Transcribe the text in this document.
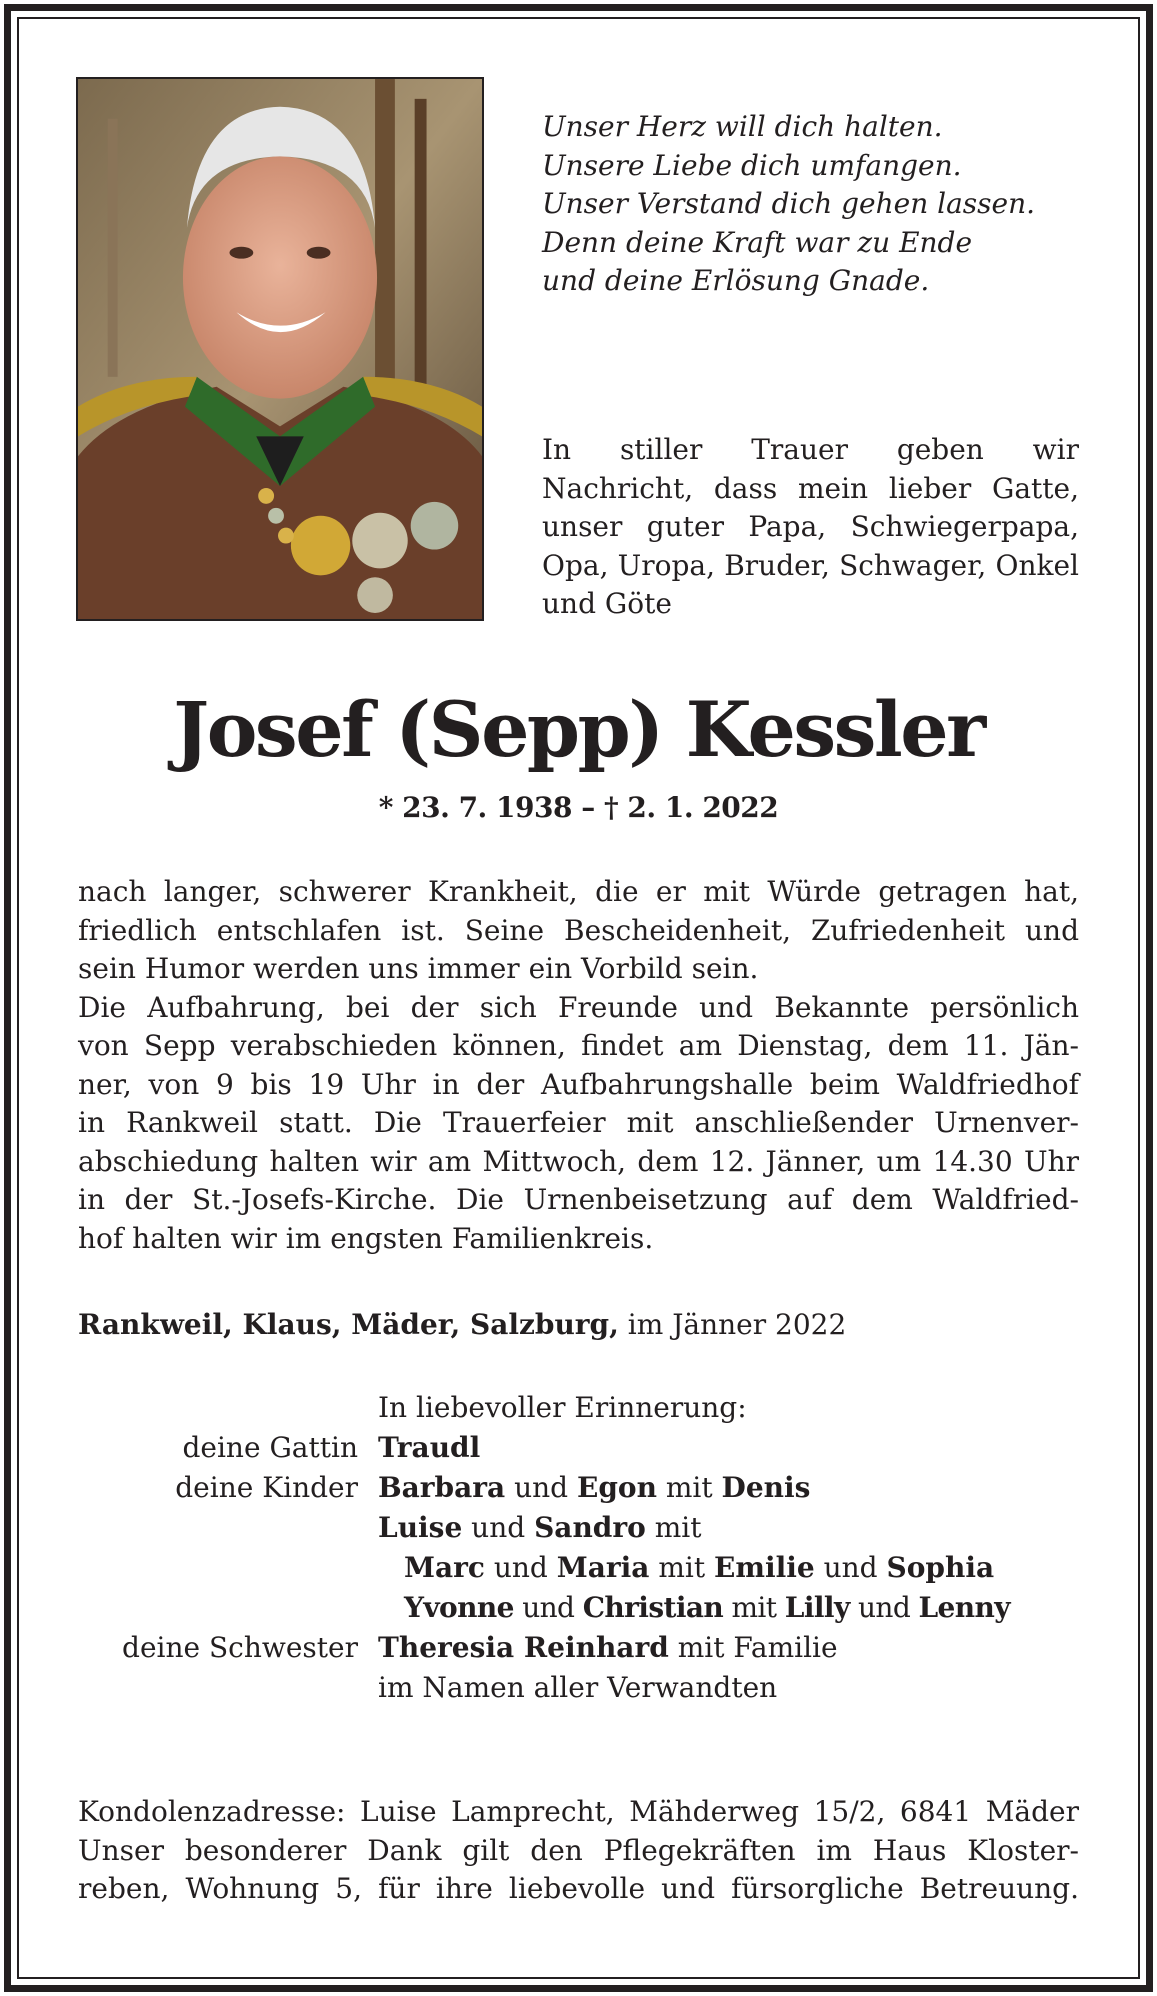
Unser Herz will dich halten.
Unsere Liebe dich umfangen.
Unser Verstand dich gehen lassen.
Denn deine Kraft war zu Ende
und deine Erlösung Gnade.
In stiller Trauer geben wir Nachricht, dass mein lieber Gatte, unser guter Papa, Schwiegerpapa, Opa, Uropa, Bruder, Schwager, Onkel und Göte
Josef (Sepp) Kessler
* 23. 7. 1938 – † 2. 1. 2022
nach langer, schwerer Krankheit, die er mit Würde getragen hat,
friedlich entschlafen ist. Seine Bescheidenheit, Zufriedenheit und
sein Humor werden uns immer ein Vorbild sein.
Die Aufbahrung, bei der sich Freunde und Bekannte persönlich
von Sepp verabschieden können, findet am Dienstag, dem 11. Jän-
ner, von 9 bis 19 Uhr in der Aufbahrungshalle beim Waldfriedhof
in Rankweil statt. Die Trauerfeier mit anschließender Urnenver-
abschiedung halten wir am Mittwoch, dem 12. Jänner, um 14.30 Uhr
in der St.-Josefs-Kirche. Die Urnenbeisetzung auf dem Waldfried-
hof halten wir im engsten Familienkreis.
Rankweil, Klaus, Mäder, Salzburg, im Jänner 2022
In liebevoller Erinnerung:
deine Gattin Traudl
deine Kinder Barbara und Egon mit Denis
Luise und Sandro mit
Marc und Maria mit Emilie und Sophia
Yvonne und Christian mit Lilly und Lenny
deine Schwester Theresia Reinhard mit Familie
im Namen aller Verwandten
Kondolenzadresse: Luise Lamprecht, Mähderweg 15/2, 6841 Mäder
Unser besonderer Dank gilt den Pflegekräften im Haus Kloster-
reben, Wohnung 5, für ihre liebevolle und fürsorgliche Betreuung.
